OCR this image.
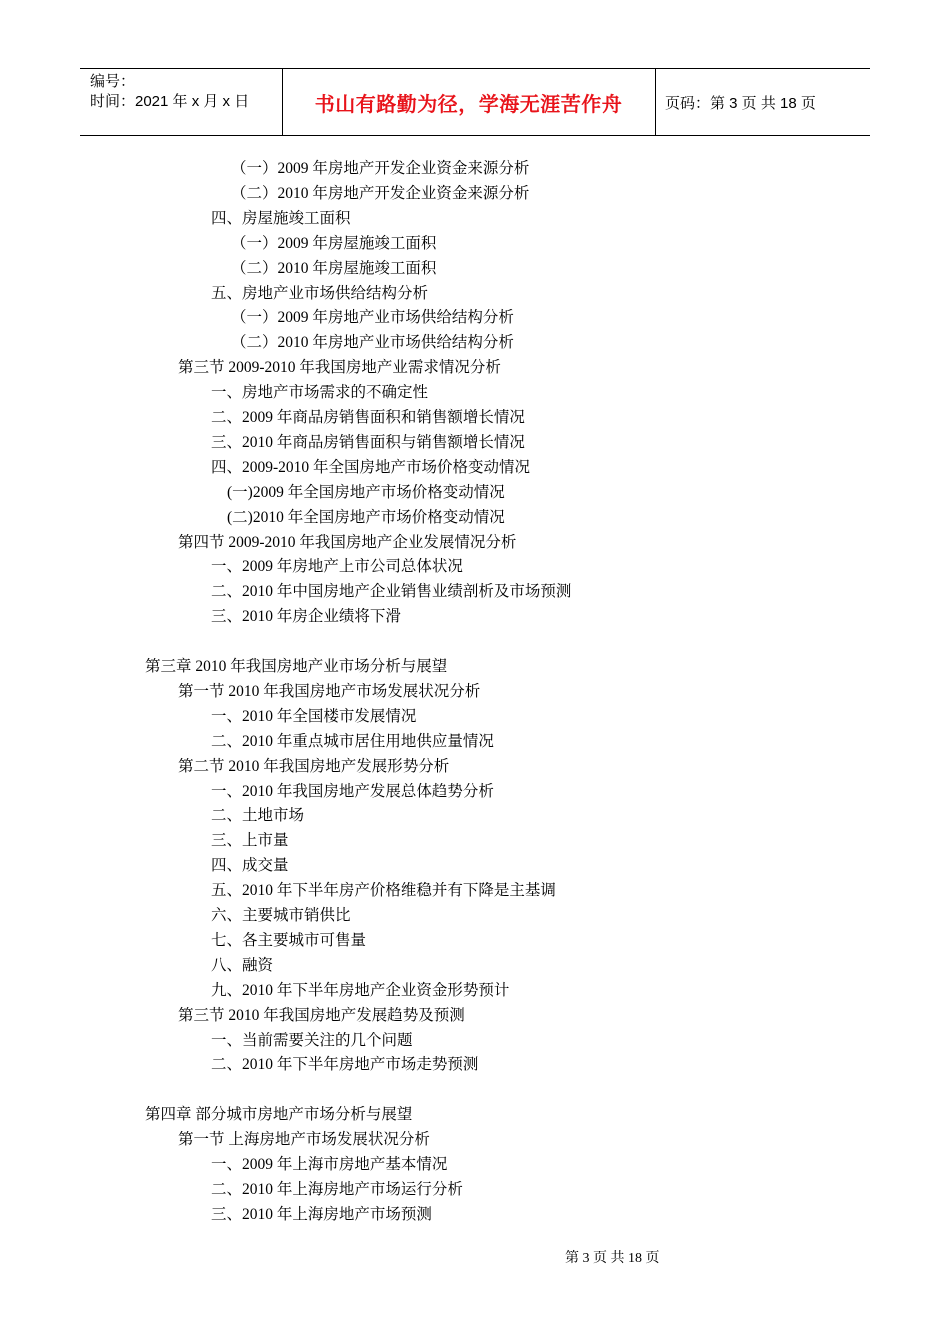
编号：
时间：2021 年 x 月 x 日	书山有路勤为径，学海无涯苦作舟	页码：第 3 页 共 18 页
（一）2009 年房地产开发企业资金来源分析
（二）2010 年房地产开发企业资金来源分析
四、房屋施竣工面积
（一）2009 年房屋施竣工面积
（二）2010 年房屋施竣工面积
五、房地产业市场供给结构分析
（一）2009 年房地产业市场供给结构分析
（二）2010 年房地产业市场供给结构分析
第三节 2009-2010 年我国房地产业需求情况分析
一、房地产市场需求的不确定性
二、2009 年商品房销售面积和销售额增长情况
三、2010 年商品房销售面积与销售额增长情况
四、2009-2010 年全国房地产市场价格变动情况
(一)2009 年全国房地产市场价格变动情况
(二)2010 年全国房地产市场价格变动情况
第四节 2009-2010 年我国房地产企业发展情况分析
一、2009 年房地产上市公司总体状况
二、2010 年中国房地产企业销售业绩剖析及市场预测
三、2010 年房企业绩将下滑
第三章 2010 年我国房地产业市场分析与展望
第一节 2010 年我国房地产市场发展状况分析
一、2010 年全国楼市发展情况
二、2010 年重点城市居住用地供应量情况
第二节 2010 年我国房地产发展形势分析
一、2010 年我国房地产发展总体趋势分析
二、土地市场
三、上市量
四、成交量
五、2010 年下半年房产价格维稳并有下降是主基调
六、主要城市销供比
七、各主要城市可售量
八、融资
九、2010 年下半年房地产企业资金形势预计
第三节 2010 年我国房地产发展趋势及预测
一、当前需要关注的几个问题
二、2010 年下半年房地产市场走势预测
第四章 部分城市房地产市场分析与展望
第一节 上海房地产市场发展状况分析
一、2009 年上海市房地产基本情况
二、2010 年上海房地产市场运行分析
三、2010 年上海房地产市场预测
第 3 页 共 18 页
